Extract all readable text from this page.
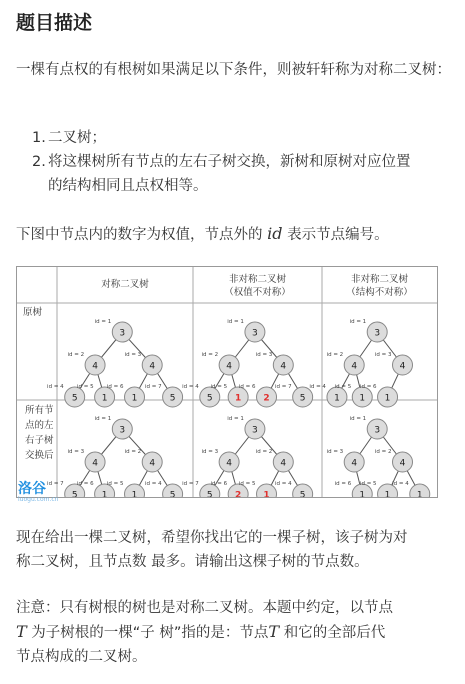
题目描述
一棵有点权的有根树如果满足以下条件，则被轩轩称为对称二叉树：
1. 二叉树；
2. 将这棵树所有节点的左右子树交换，新树和原树对应位置
的结构相同且点权相等。
下图中节点内的数字为权值，节点外的 id 表示节点编号。
对称二叉树	非对称二叉树
（权值不对称）
非对称二叉树
（结构不对称）
原树
所有节点的左右子树交换后
id = 1
3
id = 2
4
id = 3
4
id = 4
5
id = 5
1
id = 6
1
id = 7
5
id = 1
3
id = 2
4
id = 3
4
id = 4
5
id = 5
1
id = 6
2
id = 7
5
id = 1
3
id = 2
4
id = 3
4
id = 4
1
id = 5
1
id = 6
1
id = 1
3
id = 3
4
id = 2
4
id = 7
5
id = 6
1
id = 5
1
id = 4
5
id = 1
3
id = 3
4
id = 2
4
id = 7
5
id = 6
2
id = 5
1
id = 4
5
id = 1
3
id = 3
4
id = 2
4
id = 6
1
id = 5
1
id = 4
1
洛谷
luogu.com.cn
现在给出一棵二叉树，希望你找出它的一棵子树，该子树为对
称二叉树，且节点数 最多。请输出这棵子树的节点数。
注意：只有树根的树也是对称二叉树。本题中约定，以节点
T 为子树根的一棵“子 树”指的是：节点T 和它的全部后代
节点构成的二叉树。
